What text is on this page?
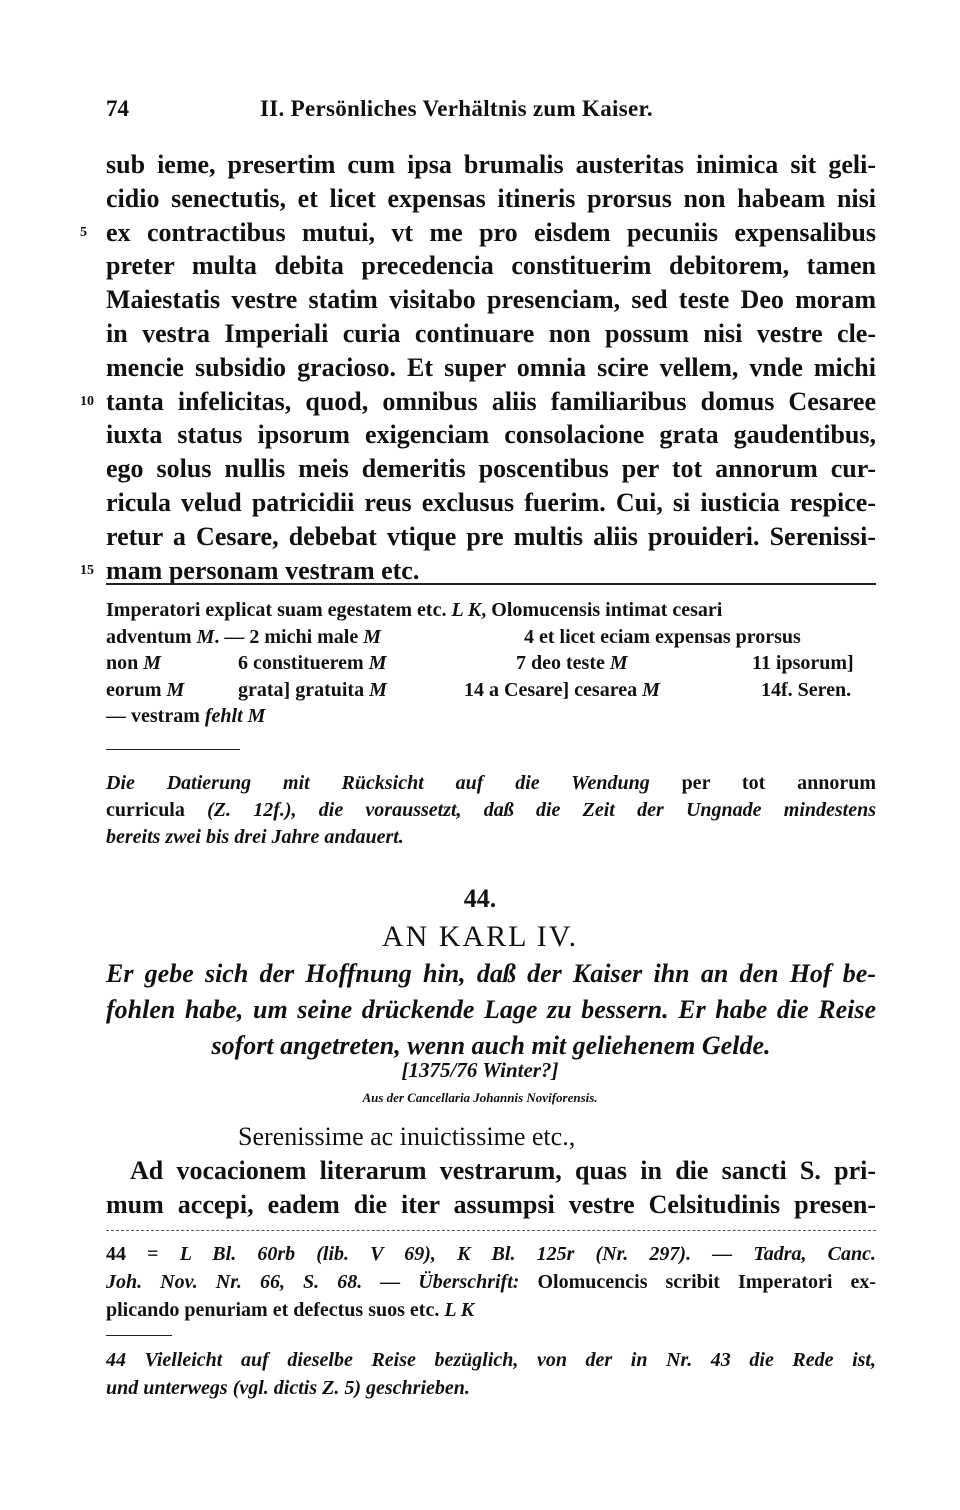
74	II. Persönliches Verhältnis zum Kaiser.
sub ieme, presertim cum ipsa brumalis austeritas inimica sit geli-
cidio senectutis, et licet expensas itineris prorsus non habeam nisi
5 ex contractibus mutui, vt me pro eisdem pecuniis expensalibus
preter multa debita precedencia constituerim debitorem, tamen
Maiestatis vestre statim visitabo presenciam, sed teste Deo moram
in vestra Imperiali curia continuare non possum nisi vestre cle-
mencie subsidio gracioso. Et super omnia scire vellem, vnde michi
10 tanta infelicitas, quod, omnibus aliis familiaribus domus Cesaree
iuxta status ipsorum exigenciam consolacione grata gaudentibus,
ego solus nullis meis demeritis poscentibus per tot annorum cur-
ricula velud patricidii reus exclusus fuerim. Cui, si iusticia respice-
retur a Cesare, debebat vtique pre multis aliis prouideri. Serenissi-
15 mam personam vestram etc.
Imperatori explicat suam egestatem etc. L K, Olomucensis intimat cesari
adventum M. — 2 michi male M	4 et licet eciam expensas prorsus
non M	6 constituerem M	7 deo teste M	11 ipsorum]
eorum M	grata] gratuita M	14 a Cesare] cesarea M	14f. Seren.
— vestram fehlt M
Die Datierung mit Rücksicht auf die Wendung per tot annorum
curricula (Z. 12f.), die voraussetzt, daß die Zeit der Ungnade mindestens
bereits zwei bis drei Jahre andauert.
44.
AN KARL IV.
Er gebe sich der Hoffnung hin, daß der Kaiser ihn an den Hof be-
fohlen habe, um seine drückende Lage zu bessern. Er habe die Reise
sofort angetreten, wenn auch mit geliehenem Gelde.
[1375/76 Winter?]
Aus der Cancellaria Johannis Noviforensis.
Serenissime ac inuictissime etc.,
Ad vocacionem literarum vestrarum, quas in die sancti S. pri-
mum accepi, eadem die iter assumpsi vestre Celsitudinis presen-
44 = L Bl. 60rb (lib. V 69), K Bl. 125r (Nr. 297). — Tadra, Canc.
Joh. Nov. Nr. 66, S. 68. — Überschrift: Olomucencis scribit Imperatori ex-
plicando penuriam et defectus suos etc. L K
44 Vielleicht auf dieselbe Reise bezüglich, von der in Nr. 43 die Rede ist,
und unterwegs (vgl. dictis Z. 5) geschrieben.
